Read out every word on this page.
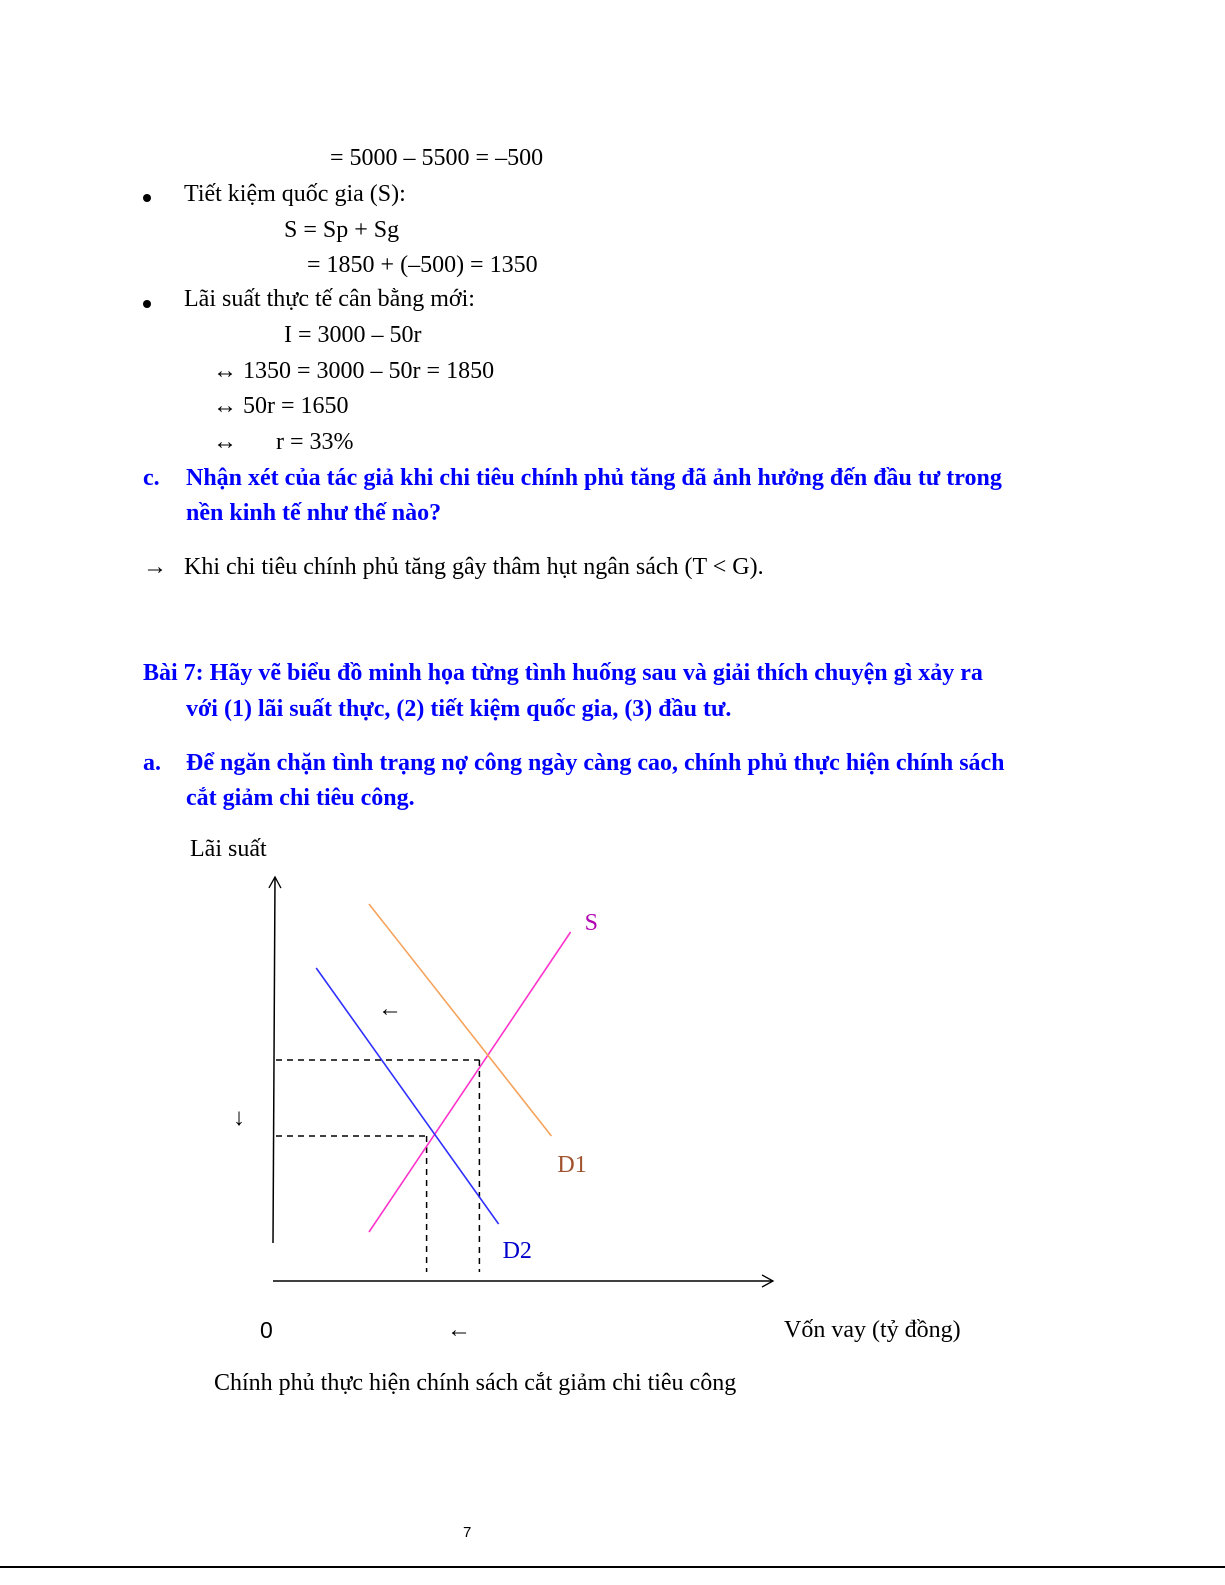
= 5000 – 5500 = –500
Tiết kiệm quốc gia (S):
S = Sp + Sg
= 1850 + (–500) = 1350
Lãi suất thực tế cân bằng mới:
I = 3000 – 50r
↔ 1350 = 3000 – 50r = 1850
↔ 50r = 1650
↔ r = 33%
c. Nhận xét của tác giả khi chi tiêu chính phủ tăng đã ảnh hưởng đến đầu tư trong
nền kinh tế như thế nào?
→ Khi chi tiêu chính phủ tăng gây thâm hụt ngân sách (T < G).
Bài 7: Hãy vẽ biểu đồ minh họa từng tình huống sau và giải thích chuyện gì xảy ra
với (1) lãi suất thực, (2) tiết kiệm quốc gia, (3) đầu tư.
a. Để ngăn chặn tình trạng nợ công ngày càng cao, chính phủ thực hiện chính sách
cắt giảm chi tiêu công.
Lãi suất
S
D1
D2
←
↓
0	←	Vốn vay (tỷ đồng)
Chính phủ thực hiện chính sách cắt giảm chi tiêu công
7
